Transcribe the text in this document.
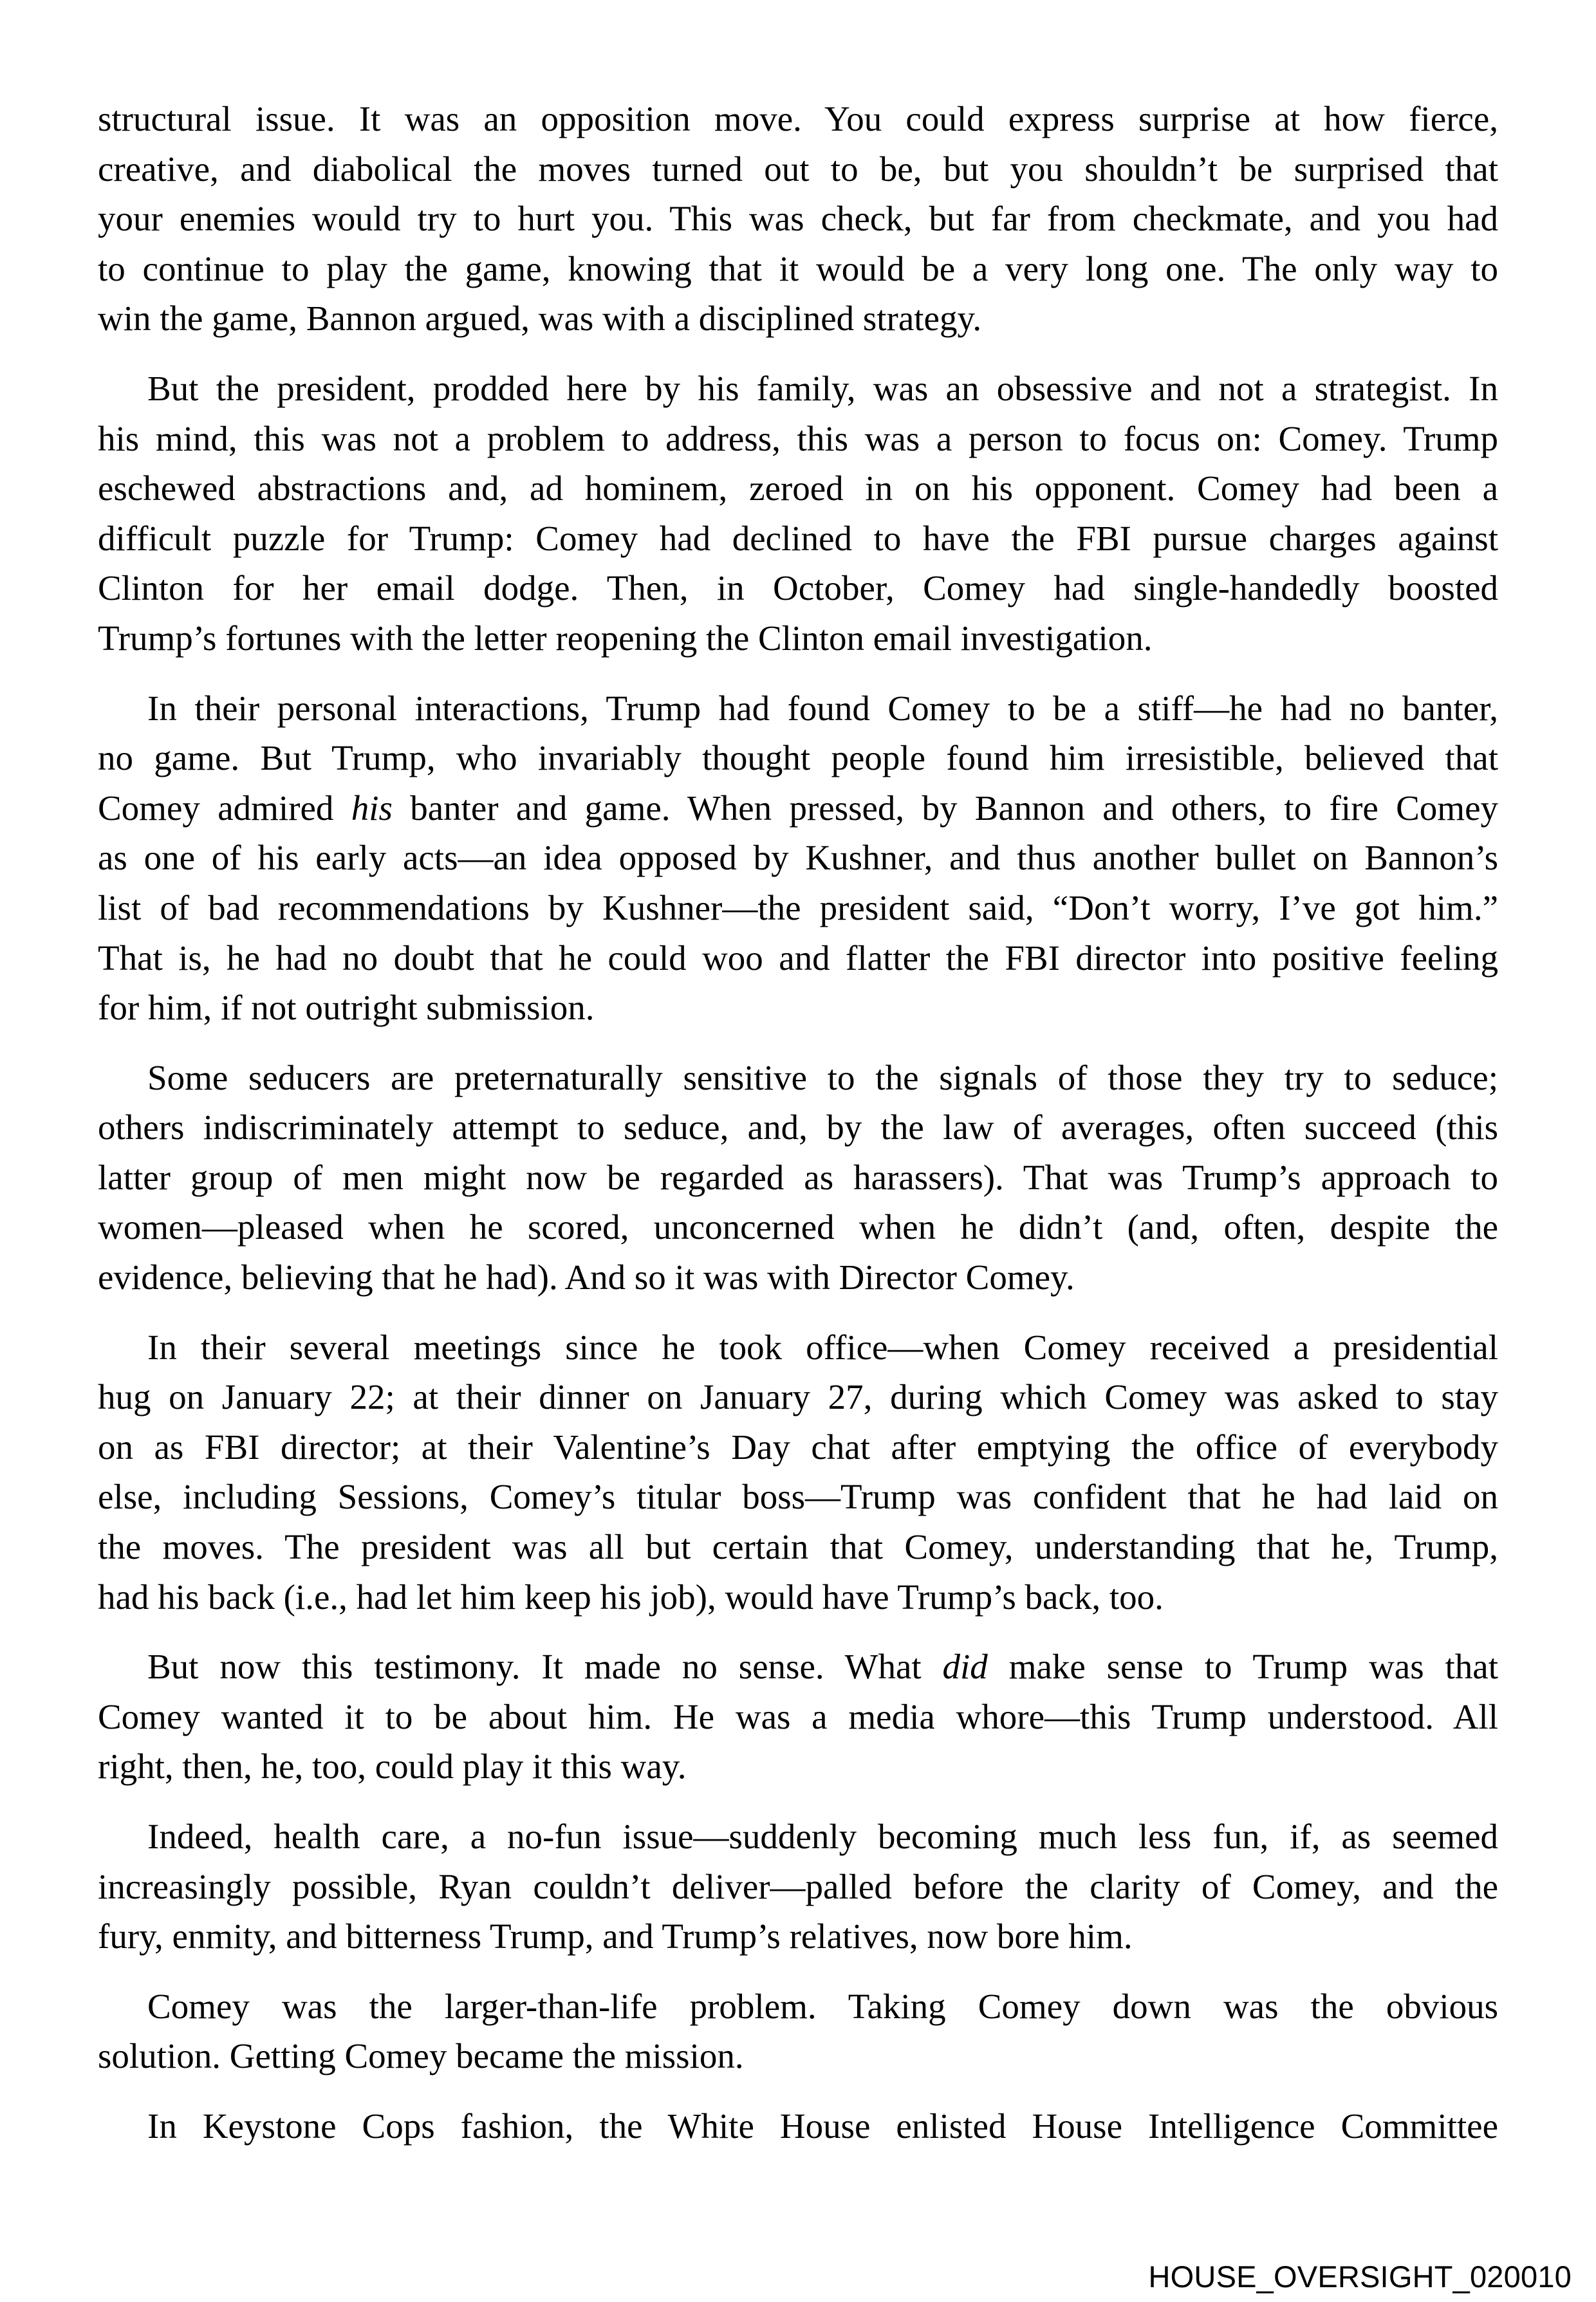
structural issue. It was an opposition move. You could express surprise at how fierce,
creative, and diabolical the moves turned out to be, but you shouldn’t be surprised that
your enemies would try to hurt you. This was check, but far from checkmate, and you had
to continue to play the game, knowing that it would be a very long one. The only way to
win the game, Bannon argued, was with a disciplined strategy.
But the president, prodded here by his family, was an obsessive and not a strategist. In
his mind, this was not a problem to address, this was a person to focus on: Comey. Trump
eschewed abstractions and, ad hominem, zeroed in on his opponent. Comey had been a
difficult puzzle for Trump: Comey had declined to have the FBI pursue charges against
Clinton for her email dodge. Then, in October, Comey had single-handedly boosted
Trump’s fortunes with the letter reopening the Clinton email investigation.
In their personal interactions, Trump had found Comey to be a stiff—he had no banter,
no game. But Trump, who invariably thought people found him irresistible, believed that
Comey admired his banter and game. When pressed, by Bannon and others, to fire Comey
as one of his early acts—an idea opposed by Kushner, and thus another bullet on Bannon’s
list of bad recommendations by Kushner—the president said, “Don’t worry, I’ve got him.”
That is, he had no doubt that he could woo and flatter the FBI director into positive feeling
for him, if not outright submission.
Some seducers are preternaturally sensitive to the signals of those they try to seduce;
others indiscriminately attempt to seduce, and, by the law of averages, often succeed (this
latter group of men might now be regarded as harassers). That was Trump’s approach to
women—pleased when he scored, unconcerned when he didn’t (and, often, despite the
evidence, believing that he had). And so it was with Director Comey.
In their several meetings since he took office—when Comey received a presidential
hug on January 22; at their dinner on January 27, during which Comey was asked to stay
on as FBI director; at their Valentine’s Day chat after emptying the office of everybody
else, including Sessions, Comey’s titular boss—Trump was confident that he had laid on
the moves. The president was all but certain that Comey, understanding that he, Trump,
had his back (i.e., had let him keep his job), would have Trump’s back, too.
But now this testimony. It made no sense. What did make sense to Trump was that
Comey wanted it to be about him. He was a media whore—this Trump understood. All
right, then, he, too, could play it this way.
Indeed, health care, a no-fun issue—suddenly becoming much less fun, if, as seemed
increasingly possible, Ryan couldn’t deliver—palled before the clarity of Comey, and the
fury, enmity, and bitterness Trump, and Trump’s relatives, now bore him.
Comey was the larger-than-life problem. Taking Comey down was the obvious
solution. Getting Comey became the mission.
In Keystone Cops fashion, the White House enlisted House Intelligence Committee
HOUSE_OVERSIGHT_020010
